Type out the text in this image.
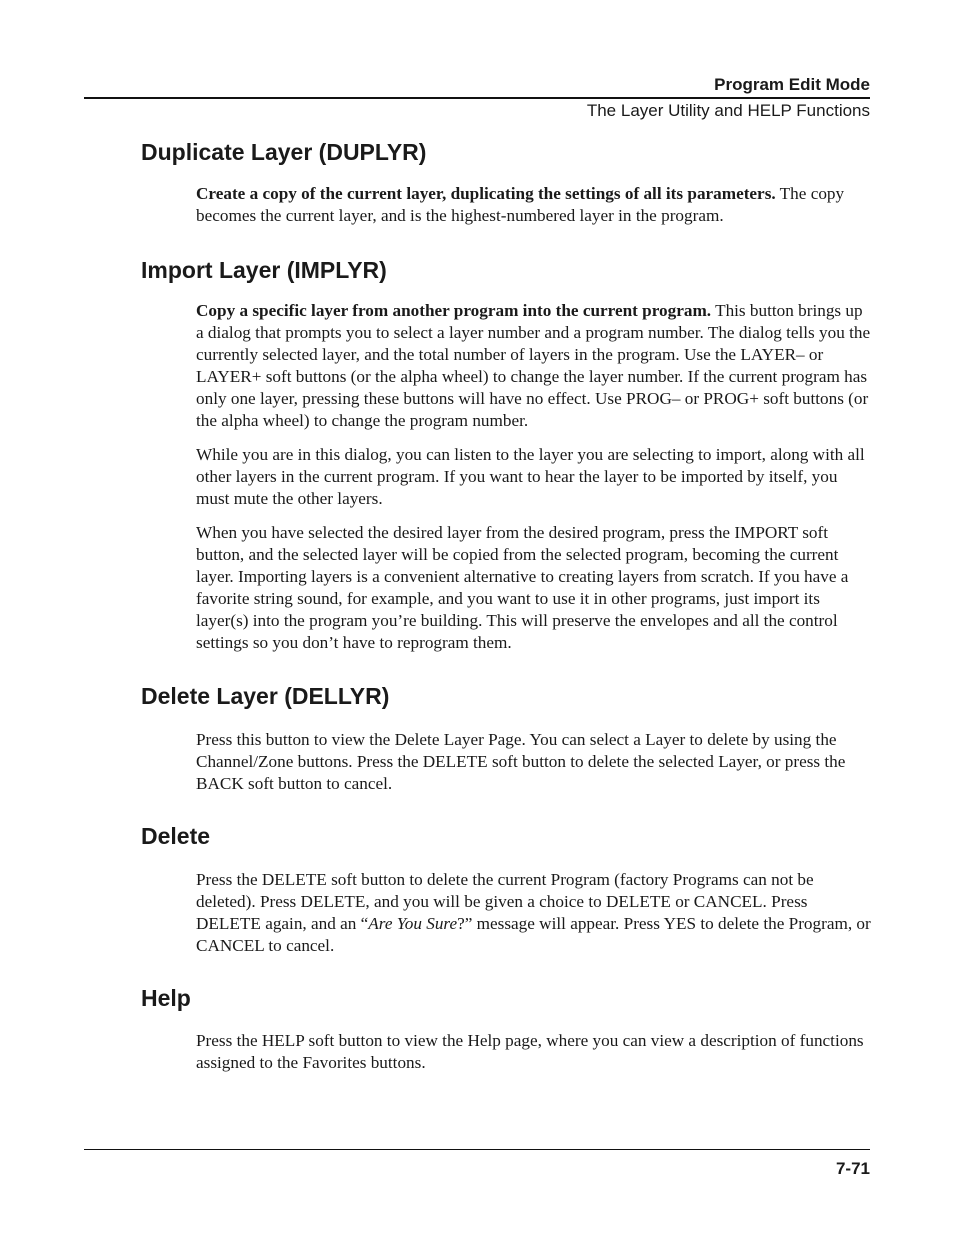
Program Edit Mode
The Layer Utility and HELP Functions
Duplicate Layer (DUPLYR)

Create a copy of the current layer, duplicating the settings of all its parameters. The copy becomes the current layer, and is the highest-numbered layer in the program.

Import Layer (IMPLYR)

Copy a specific layer from another program into the current program. This button brings up a dialog that prompts you to select a layer number and a program number. The dialog tells you the currently selected layer, and the total number of layers in the program. Use the LAYER– or LAYER+ soft buttons (or the alpha wheel) to change the layer number. If the current program has only one layer, pressing these buttons will have no effect. Use PROG– or PROG+ soft buttons (or the alpha wheel) to change the program number.

While you are in this dialog, you can listen to the layer you are selecting to import, along with all other layers in the current program. If you want to hear the layer to be imported by itself, you must mute the other layers.

When you have selected the desired layer from the desired program, press the IMPORT soft button, and the selected layer will be copied from the selected program, becoming the current layer. Importing layers is a convenient alternative to creating layers from scratch. If you have a favorite string sound, for example, and you want to use it in other programs, just import its layer(s) into the program you’re building. This will preserve the envelopes and all the control settings so you don’t have to reprogram them.

Delete Layer (DELLYR)

Press this button to view the Delete Layer Page. You can select a Layer to delete by using the Channel/Zone buttons. Press the DELETE soft button to delete the selected Layer, or press the BACK soft button to cancel.

Delete

Press the DELETE soft button to delete the current Program (factory Programs can not be deleted). Press DELETE, and you will be given a choice to DELETE or CANCEL. Press DELETE again, and an “Are You Sure?” message will appear. Press YES to delete the Program, or CANCEL to cancel.

Help

Press the HELP soft button to view the Help page, where you can view a description of functions assigned to the Favorites buttons.

7-71
